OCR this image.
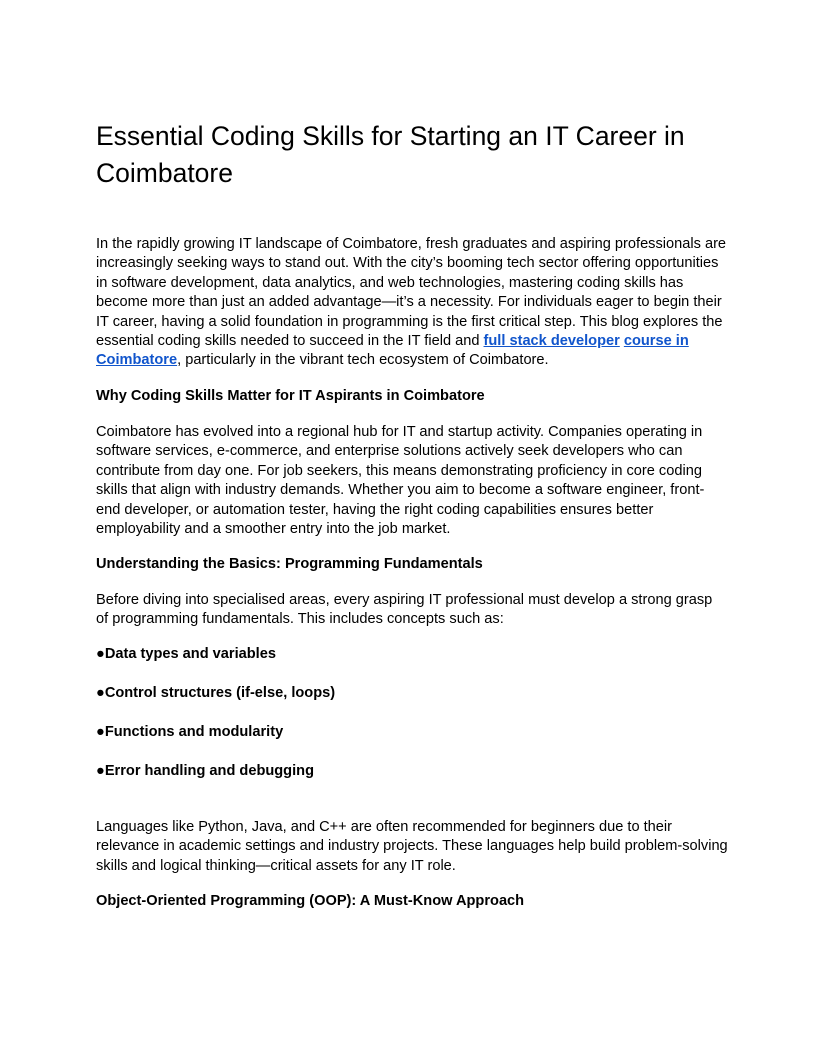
Essential Coding Skills for Starting an IT Career in Coimbatore

In the rapidly growing IT landscape of Coimbatore, fresh graduates and aspiring professionals are increasingly seeking ways to stand out. With the city’s booming tech sector offering opportunities in software development, data analytics, and web technologies, mastering coding skills has become more than just an added advantage—it’s a necessity. For individuals eager to begin their IT career, having a solid foundation in programming is the first critical step. This blog explores the essential coding skills needed to succeed in the IT field and full stack developer course in Coimbatore, particularly in the vibrant tech ecosystem of Coimbatore.

Why Coding Skills Matter for IT Aspirants in Coimbatore

Coimbatore has evolved into a regional hub for IT and startup activity. Companies operating in software services, e-commerce, and enterprise solutions actively seek developers who can contribute from day one. For job seekers, this means demonstrating proficiency in core coding skills that align with industry demands. Whether you aim to become a software engineer, front-end developer, or automation tester, having the right coding capabilities ensures better employability and a smoother entry into the job market.

Understanding the Basics: Programming Fundamentals

Before diving into specialised areas, every aspiring IT professional must develop a strong grasp of programming fundamentals. This includes concepts such as:

●Data types and variables

●Control structures (if-else, loops)

●Functions and modularity

●Error handling and debugging

Languages like Python, Java, and C++ are often recommended for beginners due to their relevance in academic settings and industry projects. These languages help build problem-solving skills and logical thinking—critical assets for any IT role.

Object-Oriented Programming (OOP): A Must-Know Approach
